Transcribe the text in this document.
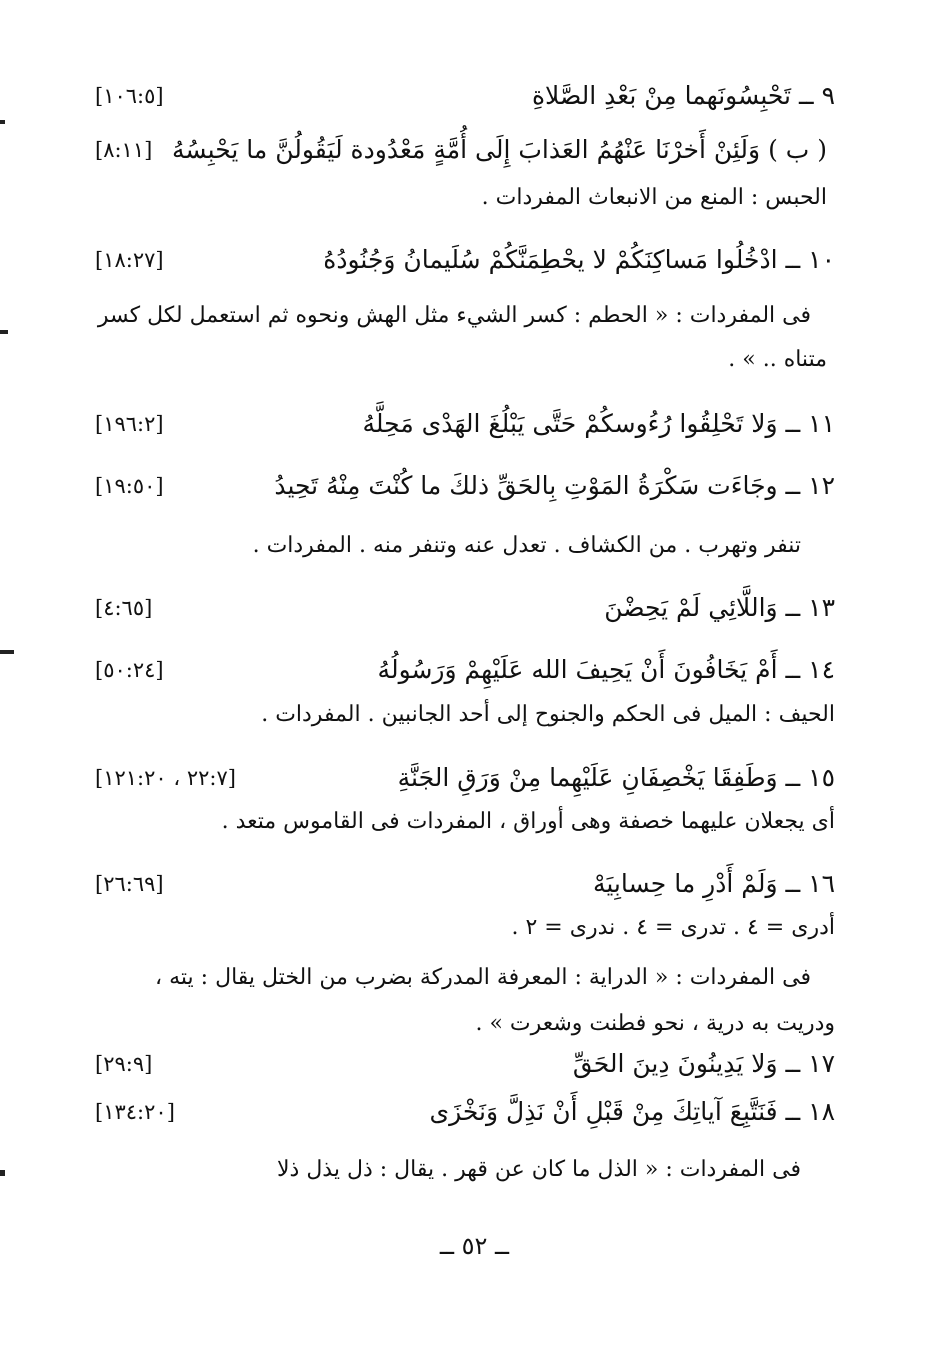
٩ ــ تَحْبِسُونَهما مِنْ بَعْدِ الصَّلاةِ
[١٠٦:٥]
( ب ) وَلَئِنْ أَخرْنَا عَنْهُمُ العَذابَ إِلَى أُمَّةٍ مَعْدُودة لَيَقُولُنَّ ما يَحْبِسُهُ
[٨:١١]
الحبس : المنع من الانبعاث المفردات .
١٠ ــ ادْخُلُوا مَساكِنَكُمْ لا يحْطِمَنَّكُمْ سُلَيمانُ وَجُنُودُهُ
[١٨:٢٧]
فى المفردات : « الحطم : كسر الشيء مثل الهش ونحوه ثم استعمل لكل كسر
متناه .. » .
١١ ــ وَلا تَحْلِقُوا رُءُوسكُمْ حَتَّى يَبْلُغَ الهَدْى مَحِلَّهُ
[١٩٦:٢]
١٢ ــ وجَاءَت سَكْرَةُ المَوْتِ بِالحَقِّ ذلكَ ما كُنْتَ مِنْهُ تَحِيدُ
[١٩:٥٠]
تنفر وتهرب . من الكشاف . تعدل عنه وتنفر منه . المفردات .
١٣ ــ وَاللَّائِي لَمْ يَحِضْنَ
[٤:٦٥]
١٤ ــ أَمْ يَخَافُونَ أَنْ يَحِيفَ الله عَلَيْهِمْ وَرَسُولُهُ
[٥٠:٢٤]
الحيف : الميل فى الحكم والجنوح إلى أحد الجانبين . المفردات .
١٥ ــ وَطَفِقَا يَخْصِفَانِ عَلَيْهِما مِنْ وَرَقِ الجَنَّةِ
[٢٢:٧ ، ١٢١:٢٠]
أى يجعلان عليهما خصفة وهى أوراق ، المفردات فى القاموس متعد .
١٦ ــ وَلَمْ أَدْرِ ما حِسابِيَهْ
[٢٦:٦٩]
أدرى = ٤ . تدرى = ٤ . ندرى = ٢ .
فى المفردات : « الدراية : المعرفة المدركة بضرب من الختل يقال : يته ،
ودريت به درية ، نحو فطنت وشعرت » .
١٧ ــ وَلا يَدِينُونَ دِينَ الحَقِّ
[٢٩:٩]
١٨ ــ فَنَتَّبِعَ آياتِكَ مِنْ قَبْلِ أَنْ نَذِلَّ وَنَخْزَى
[١٣٤:٢٠]
فى المفردات : « الذل ما كان عن قهر . يقال : ذل يذل ذلا
ــ ٥٢ ــ
